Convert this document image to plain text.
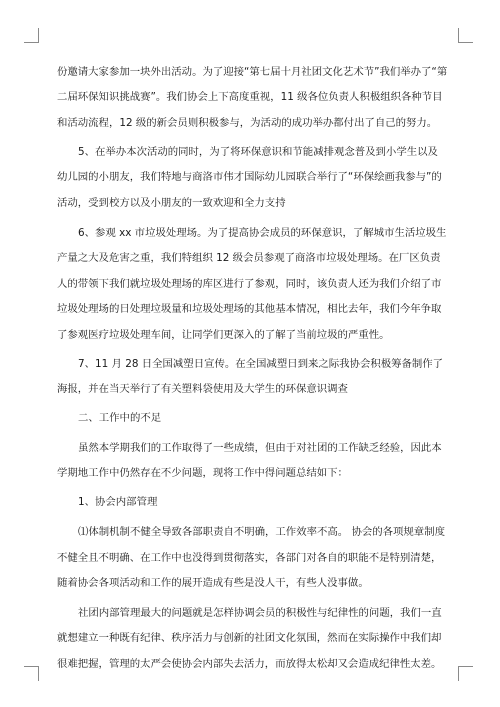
份邀请大家参加一块外出活动。为了迎接“第七届十月社团文化艺术节”我们举办了“第
二届环保知识挑战赛”。我们协会上下高度重视，11 级各位负责人积极组织各种节目
和活动流程，12 级的新会员则积极参与，为活动的成功举办都付出了自己的努力。
5、在举办本次活动的同时，为了将环保意识和节能减排观念普及到小学生以及
幼儿园的小朋友，我们特地与商洛市伟才国际幼儿园联合举行了“环保绘画我参与”的
活动，受到校方以及小朋友的一致欢迎和全力支持
6、参观 xx 市垃圾处理场。为了提高协会成员的环保意识，了解城市生活垃圾生
产量之大及危害之重，我们特组织 12 级会员参观了商洛市垃圾处理场。在厂区负责
人的带领下我们就垃圾处理场的库区进行了参观，同时，该负责人还为我们介绍了市
垃圾处理场的日处理垃圾量和垃圾处理场的其他基本情况，相比去年，我们今年争取
了参观医疗垃圾处理车间，让同学们更深入的了解了当前垃圾的严重性。
7、11 月 28 日全国减塑日宣传。在全国减塑日到来之际我协会积极筹备制作了
海报，并在当天举行了有关塑料袋使用及大学生的环保意识调查
二、工作中的不足
虽然本学期我们的工作取得了一些成绩，但由于对社团的工作缺乏经验，因此本
学期地工作中仍然存在不少问题，现将工作中得问题总结如下：
1、协会内部管理
⑴体制机制不健全导致各部职责自不明确，工作效率不高。 协会的各项规章制度
不健全且不明确、在工作中也没得到贯彻落实，各部门对各自的职能不是特别清楚，
随着协会各项活动和工作的展开造成有些是没人干，有些人没事做。
社团内部管理最大的问题就是怎样协调会员的积极性与纪律性的问题，我们一直
就想建立一种既有纪律、秩序活力与创新的社团文化氛围，然而在实际操作中我们却
很难把握，管理的太严会使协会内部失去活力，而放得太松却又会造成纪律性太差。
